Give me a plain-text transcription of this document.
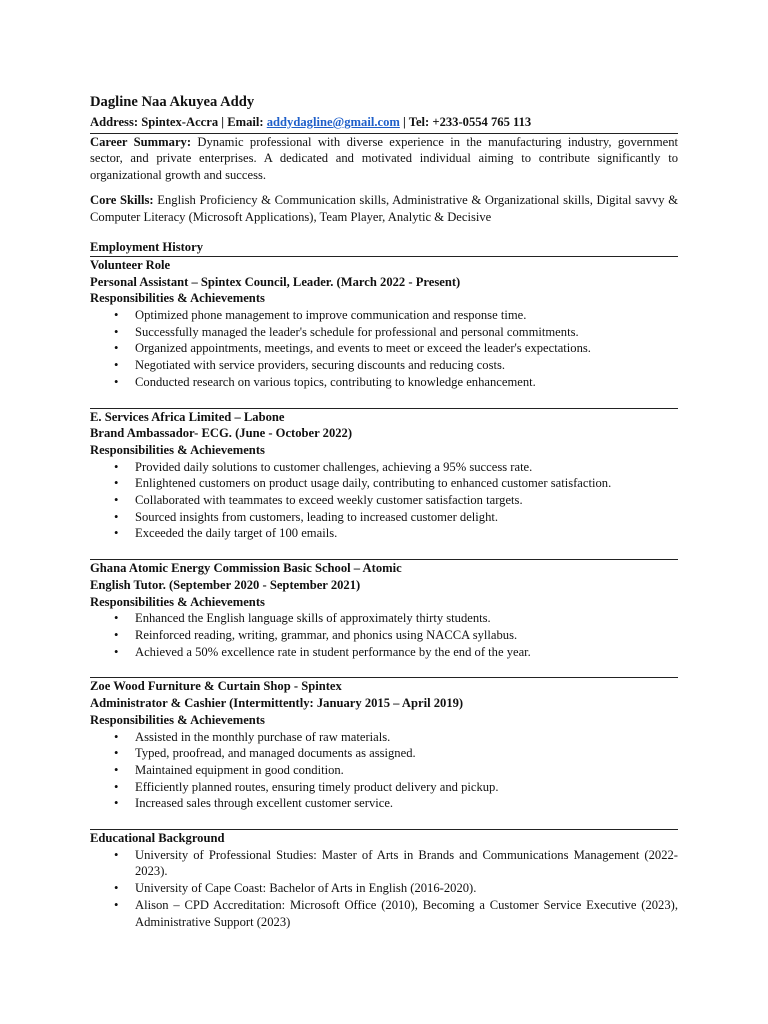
Dagline Naa Akuyea Addy

Address: Spintex-Accra | Email: addydagline@gmail.com | Tel: +233-0554 765 113

Career Summary: Dynamic professional with diverse experience in the manufacturing industry, government sector, and private enterprises. A dedicated and motivated individual aiming to contribute significantly to organizational growth and success.

Core Skills: English Proficiency & Communication skills, Administrative & Organizational skills, Digital savvy & Computer Literacy (Microsoft Applications), Team Player, Analytic & Decisive

Employment History

Volunteer Role

Personal Assistant – Spintex Council, Leader. (March 2022 - Present)

Responsibilities & Achievements

• Optimized phone management to improve communication and response time.
• Successfully managed the leader's schedule for professional and personal commitments.
• Organized appointments, meetings, and events to meet or exceed the leader's expectations.
• Negotiated with service providers, securing discounts and reducing costs.
• Conducted research on various topics, contributing to knowledge enhancement.

E. Services Africa Limited – Labone

Brand Ambassador- ECG. (June - October 2022)

Responsibilities & Achievements

• Provided daily solutions to customer challenges, achieving a 95% success rate.
• Enlightened customers on product usage daily, contributing to enhanced customer satisfaction.
• Collaborated with teammates to exceed weekly customer satisfaction targets.
• Sourced insights from customers, leading to increased customer delight.
• Exceeded the daily target of 100 emails.

Ghana Atomic Energy Commission Basic School – Atomic

English Tutor. (September 2020 - September 2021)

Responsibilities & Achievements

• Enhanced the English language skills of approximately thirty students.
• Reinforced reading, writing, grammar, and phonics using NACCA syllabus.
• Achieved a 50% excellence rate in student performance by the end of the year.

Zoe Wood Furniture & Curtain Shop - Spintex

Administrator & Cashier (Intermittently: January 2015 – April 2019)

Responsibilities & Achievements

• Assisted in the monthly purchase of raw materials.
• Typed, proofread, and managed documents as assigned.
• Maintained equipment in good condition.
• Efficiently planned routes, ensuring timely product delivery and pickup.
• Increased sales through excellent customer service.

Educational Background

• University of Professional Studies: Master of Arts in Brands and Communications Management (2022-2023).
• University of Cape Coast: Bachelor of Arts in English (2016-2020).
• Alison – CPD Accreditation: Microsoft Office (2010), Becoming a Customer Service Executive (2023), Administrative Support (2023)
